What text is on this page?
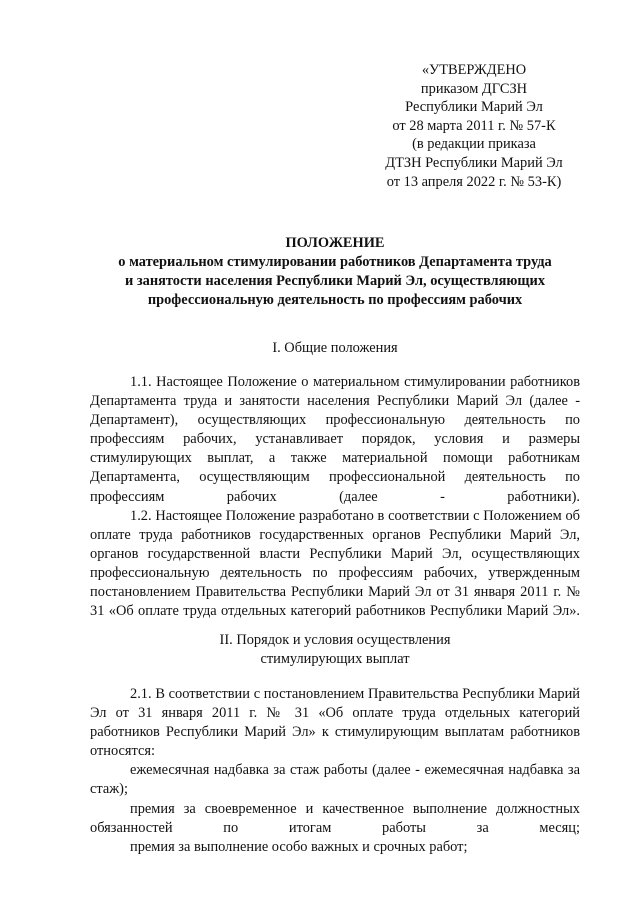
«УТВЕРЖДЕНО
приказом ДГСЗН
Республики Марий Эл
от 28 марта 2011 г. № 57-К
(в редакции приказа
ДТЗН Республики Марий Эл
от 13 апреля 2022 г. № 53-К)
ПОЛОЖЕНИЕ
о материальном стимулировании работников Департамента труда
и занятости населения Республики Марий Эл, осуществляющих
профессиональную деятельность по профессиям рабочих
I. Общие положения

1.1. Настоящее Положение о материальном стимулировании работников Департамента труда и занятости населения Республики Марий Эл (далее - Департамент), осуществляющих профессиональную деятельность по профессиям рабочих, устанавливает порядок, условия и размеры стимулирующих выплат, а также материальной помощи работникам Департамента, осуществляющим профессиональной деятельность по профессиям рабочих (далее - работники).

1.2. Настоящее Положение разработано в соответствии с Положением об оплате труда работников государственных органов Республики Марий Эл, органов государственной власти Республики Марий Эл, осуществляющих профессиональную деятельность по профессиям рабочих, утвержденным постановлением Правительства Республики Марий Эл от 31 января 2011 г. № 31 «Об оплате труда отдельных категорий работников Республики Марий Эл».

II. Порядок и условия осуществления
стимулирующих выплат

2.1. В соответствии с постановлением Правительства Республики Марий Эл от 31 января 2011 г. № 31 «Об оплате труда отдельных категорий работников Республики Марий Эл» к стимулирующим выплатам работников относятся:

ежемесячная надбавка за стаж работы (далее - ежемесячная надбавка за стаж);

премия за своевременное и качественное выполнение должностных обязанностей по итогам работы за месяц;

премия за выполнение особо важных и срочных работ;
